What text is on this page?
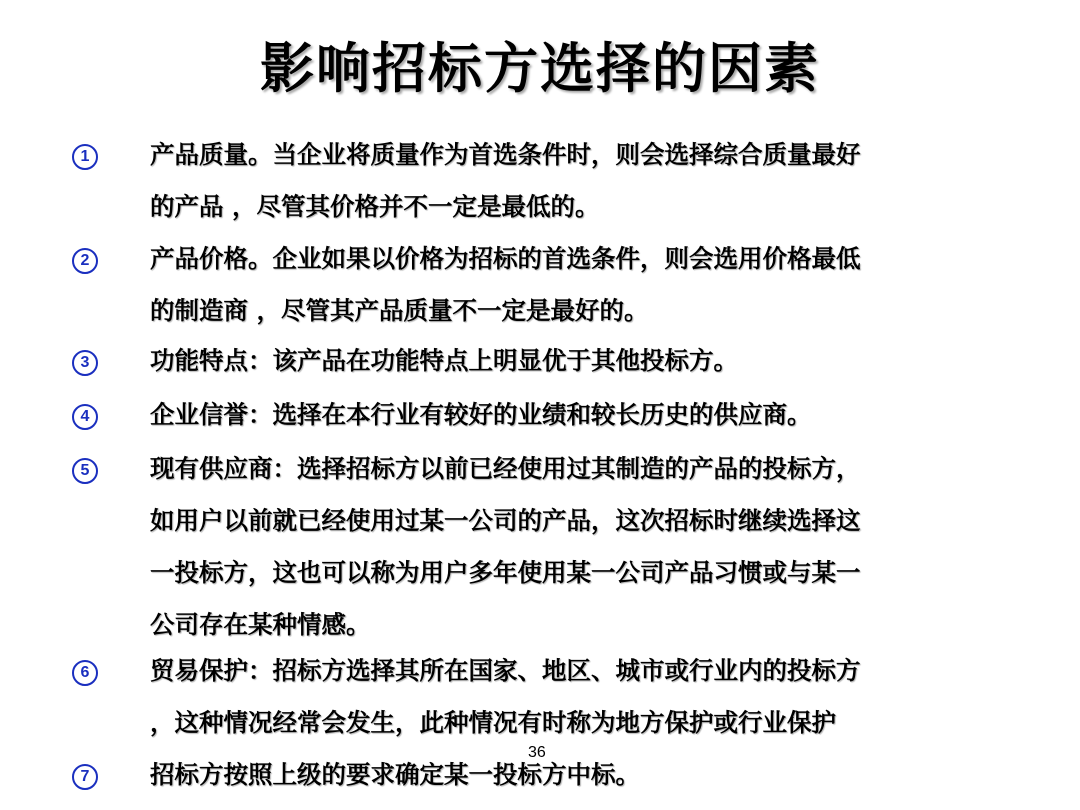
影响招标方选择的因素
1	产品质量。当企业将质量作为首选条件时，则会选择综合质量最好
的产品 ，尽管其价格并不一定是最低的。
2	产品价格。企业如果以价格为招标的首选条件，则会选用价格最低
的制造商 ，尽管其产品质量不一定是最好的。
3	功能特点：该产品在功能特点上明显优于其他投标方。
4	企业信誉：选择在本行业有较好的业绩和较长历史的供应商。
5	现有供应商：选择招标方以前已经使用过其制造的产品的投标方，
如用户以前就已经使用过某一公司的产品，这次招标时继续选择这
一投标方，这也可以称为用户多年使用某一公司产品习惯或与某一
公司存在某种情感。
6	贸易保护：招标方选择其所在国家、地区、城市或行业内的投标方
，这种情况经常会发生，此种情况有时称为地方保护或行业保护
7	招标方按照上级的要求确定某一投标方中标。
36
